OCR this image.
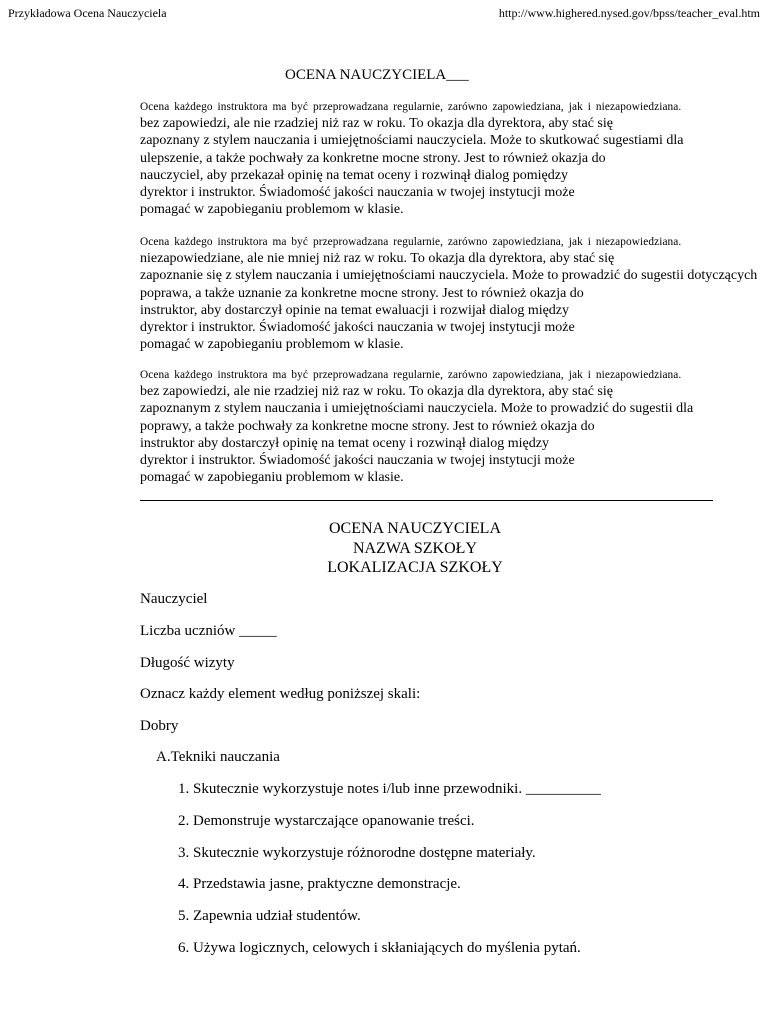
Przykładowa Ocena Nauczyciela	http://www.highered.nysed.gov/bpss/teacher_eval.htm
OCENA NAUCZYCIELA___
Ocena każdego instruktora ma być przeprowadzana regularnie, zarówno zapowiedziana, jak i niezapowiedziana.
bez zapowiedzi, ale nie rzadziej niż raz w roku. To okazja dla dyrektora, aby stać się
zapoznany z stylem nauczania i umiejętnościami nauczyciela. Może to skutkować sugestiami dla
ulepszenie, a także pochwały za konkretne mocne strony. Jest to również okazja do
nauczyciel, aby przekazał opinię na temat oceny i rozwinął dialog pomiędzy
dyrektor i instruktor. Świadomość jakości nauczania w twojej instytucji może
pomagać w zapobieganiu problemom w klasie.
Ocena każdego instruktora ma być przeprowadzana regularnie, zarówno zapowiedziana, jak i niezapowiedziana.
niezapowiedziane, ale nie mniej niż raz w roku. To okazja dla dyrektora, aby stać się
zapoznanie się z stylem nauczania i umiejętnościami nauczyciela. Może to prowadzić do sugestii dotyczących
poprawa, a także uznanie za konkretne mocne strony. Jest to również okazja do
instruktor, aby dostarczył opinie na temat ewaluacji i rozwijał dialog między
dyrektor i instruktor. Świadomość jakości nauczania w twojej instytucji może
pomagać w zapobieganiu problemom w klasie.
Ocena każdego instruktora ma być przeprowadzana regularnie, zarówno zapowiedziana, jak i niezapowiedziana.
bez zapowiedzi, ale nie rzadziej niż raz w roku. To okazja dla dyrektora, aby stać się
zapoznanym z stylem nauczania i umiejętnościami nauczyciela. Może to prowadzić do sugestii dla
poprawy, a także pochwały za konkretne mocne strony. Jest to również okazja do
instruktor aby dostarczył opinię na temat oceny i rozwinął dialog między
dyrektor i instruktor. Świadomość jakości nauczania w twojej instytucji może
pomagać w zapobieganiu problemom w klasie.
OCENA NAUCZYCIELA
NAZWA SZKOŁY
LOKALIZACJA SZKOŁY
Nauczyciel
Liczba uczniów _____
Długość wizyty
Oznacz każdy element według poniższej skali:
Dobry
A.Tekniki nauczania
1. Skutecznie wykorzystuje notes i/lub inne przewodniki. __________
2. Demonstruje wystarczające opanowanie treści.
3. Skutecznie wykorzystuje różnorodne dostępne materiały.
4. Przedstawia jasne, praktyczne demonstracje.
5. Zapewnia udział studentów.
6. Używa logicznych, celowych i skłaniających do myślenia pytań.
